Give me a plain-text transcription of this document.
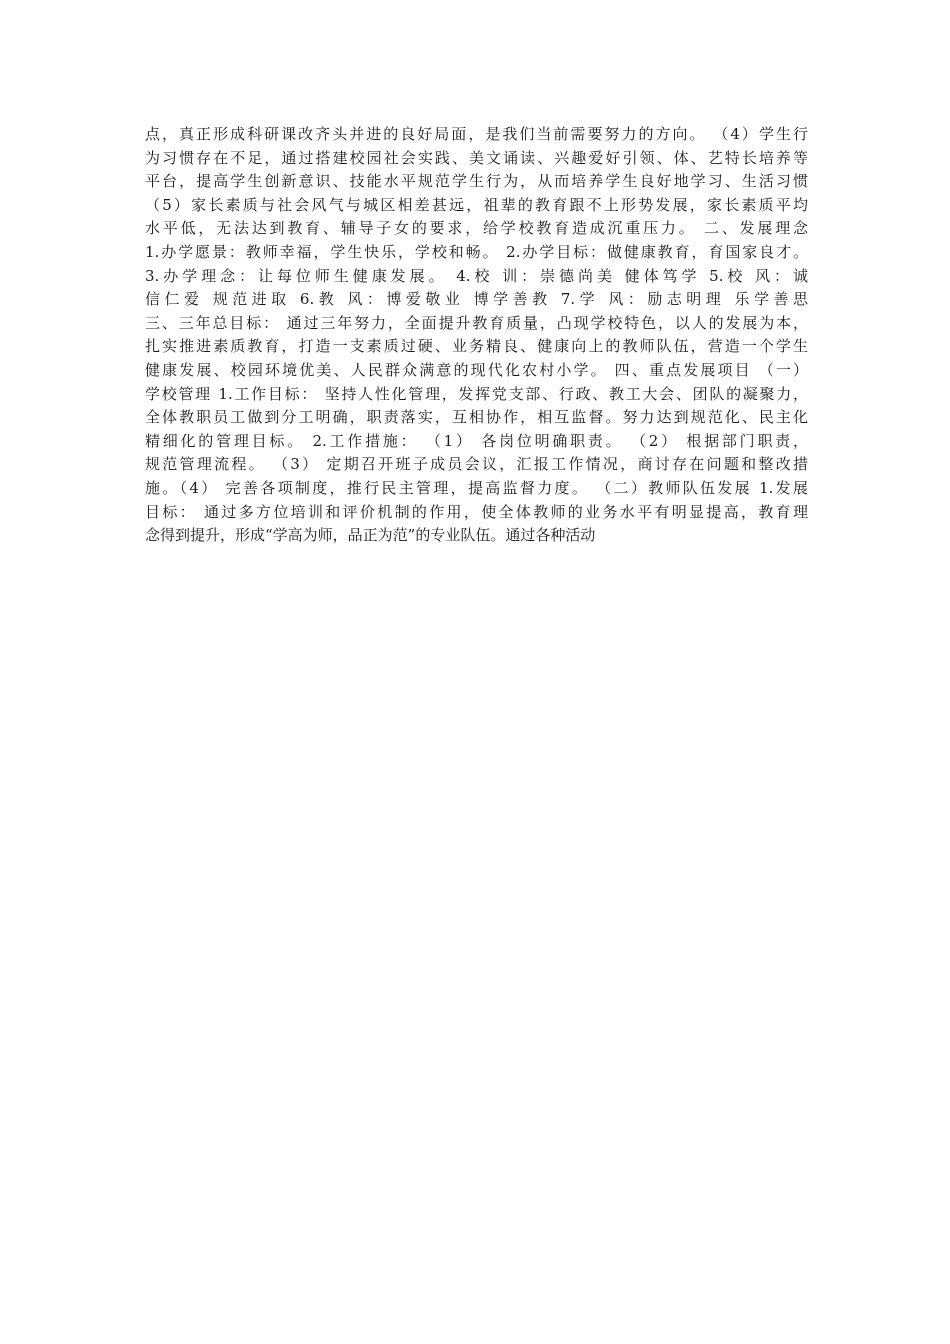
点，真正形成科研课改齐头并进的良好局面，是我们当前需要努力的方向。 （4）学生行
为习惯存在不足，通过搭建校园社会实践、美文诵读、兴趣爱好引领、体、艺特长培养等
平台，提高学生创新意识、技能水平规范学生行为，从而培养学生良好地学习、生活习惯
（5）家长素质与社会风气与城区相差甚远，祖辈的教育跟不上形势发展，家长素质平均
水平低，无法达到教育、辅导子女的要求，给学校教育造成沉重压力。 二、发展理念
1.办学愿景：教师幸福，学生快乐，学校和畅。 2.办学目标：做健康教育，育国家良才。
3.办学理念：让每位师生健康发展。 4.校 训：崇德尚美 健体笃学 5.校 风：诚
信仁爱 规范进取 6.教 风：博爱敬业 博学善教 7.学 风：励志明理 乐学善思
三、三年总目标： 通过三年努力，全面提升教育质量，凸现学校特色，以人的发展为本，
扎实推进素质教育，打造一支素质过硬、业务精良、健康向上的教师队伍，营造一个学生
健康发展、校园环境优美、人民群众满意的现代化农村小学。 四、重点发展项目 （一）
学校管理 1.工作目标： 坚持人性化管理，发挥党支部、行政、教工大会、团队的凝聚力，
全体教职员工做到分工明确，职责落实，互相协作，相互监督。努力达到规范化、民主化
精细化的管理目标。 2.工作措施： （1） 各岗位明确职责。 （2） 根据部门职责，
规范管理流程。 （3） 定期召开班子成员会议，汇报工作情况，商讨存在问题和整改措
施。（4） 完善各项制度，推行民主管理，提高监督力度。 （二）教师队伍发展 1.发展
目标： 通过多方位培训和评价机制的作用，使全体教师的业务水平有明显提高，教育理
念得到提升，形成“学高为师，品正为范”的专业队伍。通过各种活动
